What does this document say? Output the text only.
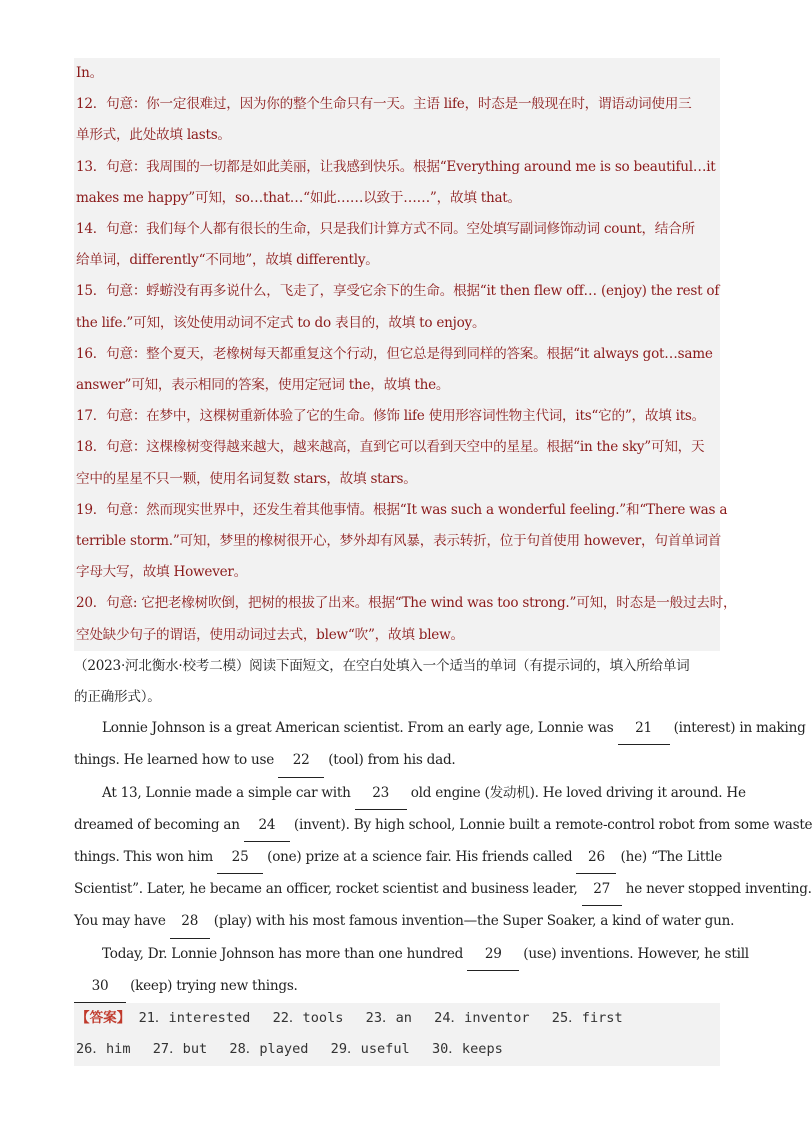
In。
12．句意：你一定很难过，因为你的整个生命只有一天。主语 life，时态是一般现在时，谓语动词使用三
单形式，此处故填 lasts。
13．句意：我周围的一切都是如此美丽，让我感到快乐。根据“Everything around me is so beautiful…it
makes me happy”可知，so…that…“如此……以致于……”，故填 that。
14．句意：我们每个人都有很长的生命，只是我们计算方式不同。空处填写副词修饰动词 count，结合所
给单词，differently“不同地”，故填 differently。
15．句意：蜉蝣没有再多说什么，飞走了，享受它余下的生命。根据“it then flew off… (enjoy) the rest of
the life.”可知，该处使用动词不定式 to do 表目的，故填 to enjoy。
16．句意：整个夏天，老橡树每天都重复这个行动，但它总是得到同样的答案。根据“it always got…same
answer”可知，表示相同的答案，使用定冠词 the，故填 the。
17．句意：在梦中，这棵树重新体验了它的生命。修饰 life 使用形容词性物主代词，its“它的”，故填 its。
18．句意：这棵橡树变得越来越大，越来越高，直到它可以看到天空中的星星。根据“in the sky”可知，天
空中的星星不只一颗，使用名词复数 stars，故填 stars。
19．句意：然而现实世界中，还发生着其他事情。根据“It was such a wonderful feeling.”和“There was a
terrible storm.”可知，梦里的橡树很开心，梦外却有风暴，表示转折，位于句首使用 however，句首单词首
字母大写，故填 However。
20．句意: 它把老橡树吹倒，把树的根拔了出来。根据“The wind was too strong.”可知，时态是一般过去时，
空处缺少句子的谓语，使用动词过去式，blew“吹”，故填 blew。
（2023·河北衡水·校考二模）阅读下面短文，在空白处填入一个适当的单词（有提示词的，填入所给单词
的正确形式）。
Lonnie Johnson is a great American scientist. From an early age, Lonnie was 21 (interest) in making
things. He learned how to use 22 (tool) from his dad.
At 13, Lonnie made a simple car with 23 old engine (发动机). He loved driving it around. He
dreamed of becoming an 24 (invent). By high school, Lonnie built a remote-control robot from some waste
things. This won him 25 (one) prize at a science fair. His friends called 26 (he) “The Little
Scientist”. Later, he became an officer, rocket scientist and business leader, 27 he never stopped inventing.
You may have 28 (play) with his most famous invention—the Super Soaker, a kind of water gun.
Today, Dr. Lonnie Johnson has more than one hundred 29 (use) inventions. However, he still
30 (keep) trying new things.
【答案】 21．interested 22．tools 23．an 24．inventor 25．first
26．him 27．but 28．played 29．useful 30．keeps
